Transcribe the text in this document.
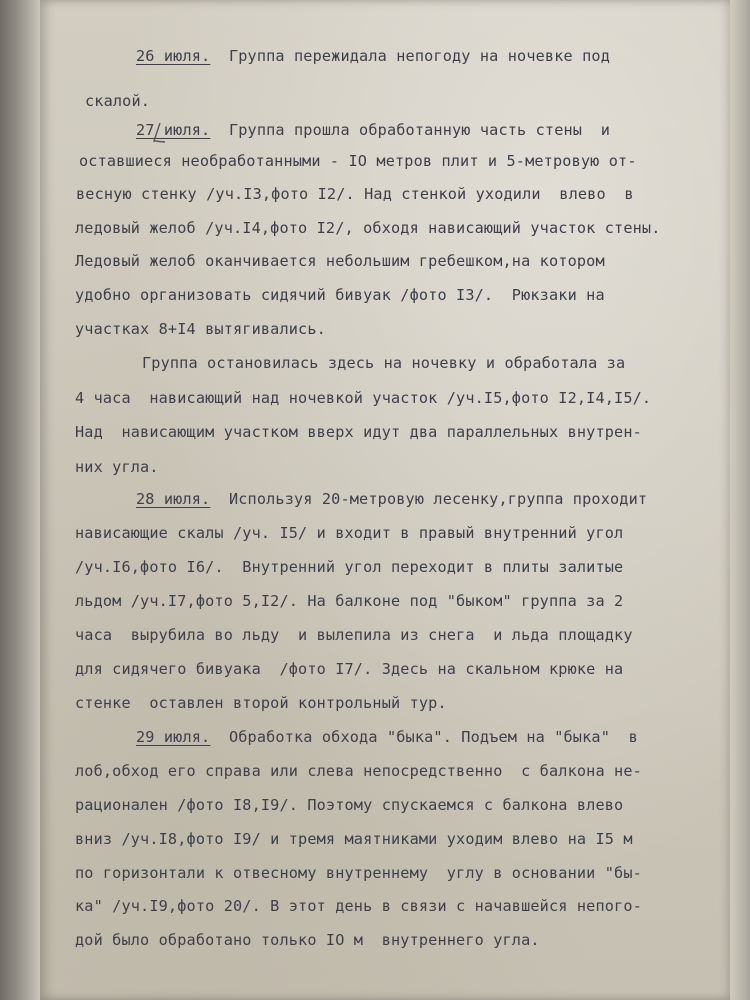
26 июля.  Группа пережидала непогоду на ночевке под
скалой.
27 июля.  Группа прошла обработанную часть стены  и
оставшиеся необработанными - IO метров плит и 5-метровую от-
весную стенку /уч.I3,фото I2/. Над стенкой уходили  влево  в
ледовый желоб /уч.I4,фото I2/, обходя нависающий участок стены.
Ледовый желоб оканчивается небольшим гребешком,на котором
удобно организовать сидячий бивуак /фото I3/.  Рюкзаки на
участках 8+I4 вытягивались.
Группа остановилась здесь на ночевку и обработала за
4 часа  нависающий над ночевкой участок /уч.I5,фото I2,I4,I5/.
Над  нависающим участком вверх идут два параллельных внутрен-
них угла.
28 июля.  Используя 20-метровую лесенку,группа проходит
нависающие скалы /уч. I5/ и входит в правый внутренний угол
/уч.I6,фото I6/.  Внутренний угол переходит в плиты залитые
льдом /уч.I7,фото 5,I2/. На балконе под "быком" группа за 2
часа  вырубила во льду  и вылепила из снега  и льда площадку
для сидячего бивуака  /фото I7/. Здесь на скальном крюке на
стенке  оставлен второй контрольный тур.
29 июля.  Обработка обхода "быка". Подъем на "быка"  в
лоб,обход его справа или слева непосредственно  с балкона не-
рационален /фото I8,I9/. Поэтому спускаемся с балкона влево
вниз /уч.I8,фото I9/ и тремя маятниками уходим влево на I5 м
по горизонтали к отвесному внутреннему  углу в основании "бы-
ка" /уч.I9,фото 20/. В этот день в связи с начавшейся непого-
дой было обработано только IO м  внутреннего угла.
